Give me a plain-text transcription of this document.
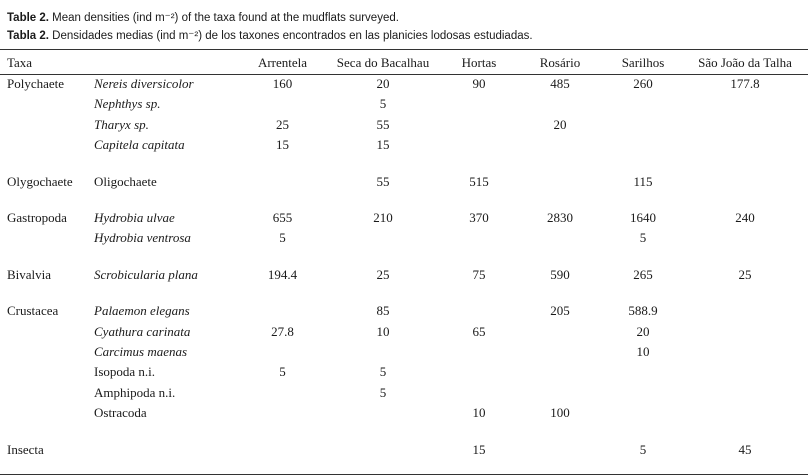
Table 2. Mean densities (ind m⁻²) of the taxa found at the mudflats surveyed.
Tabla 2. Densidades medias (ind m⁻²) de los taxones encontrados en las planicies lodosas estudiadas.
Taxa		Arrentela	Seca do Bacalhau	Hortas	Rosário	Sarilhos	São João da Talha
Polychaete	Nereis diversicolor	160	20	90	485	260	177.8
	Nephthys sp.		5				
	Tharyx sp.	25	55		20		
	Capitela capitata	15	15				

Olygochaete	Oligochaete		55	515		115	

Gastropoda	Hydrobia ulvae	655	210	370	2830	1640	240
	Hydrobia ventrosa	5				5	

Bivalvia	Scrobicularia plana	194.4	25	75	590	265	25

Crustacea	Palaemon elegans		85		205	588.9	
	Cyathura carinata	27.8	10	65		20	
	Carcimus maenas					10	
	Isopoda n.i.	5	5				
	Amphipoda n.i.		5				
	Ostracoda			10	100		

Insecta				15		5	45
